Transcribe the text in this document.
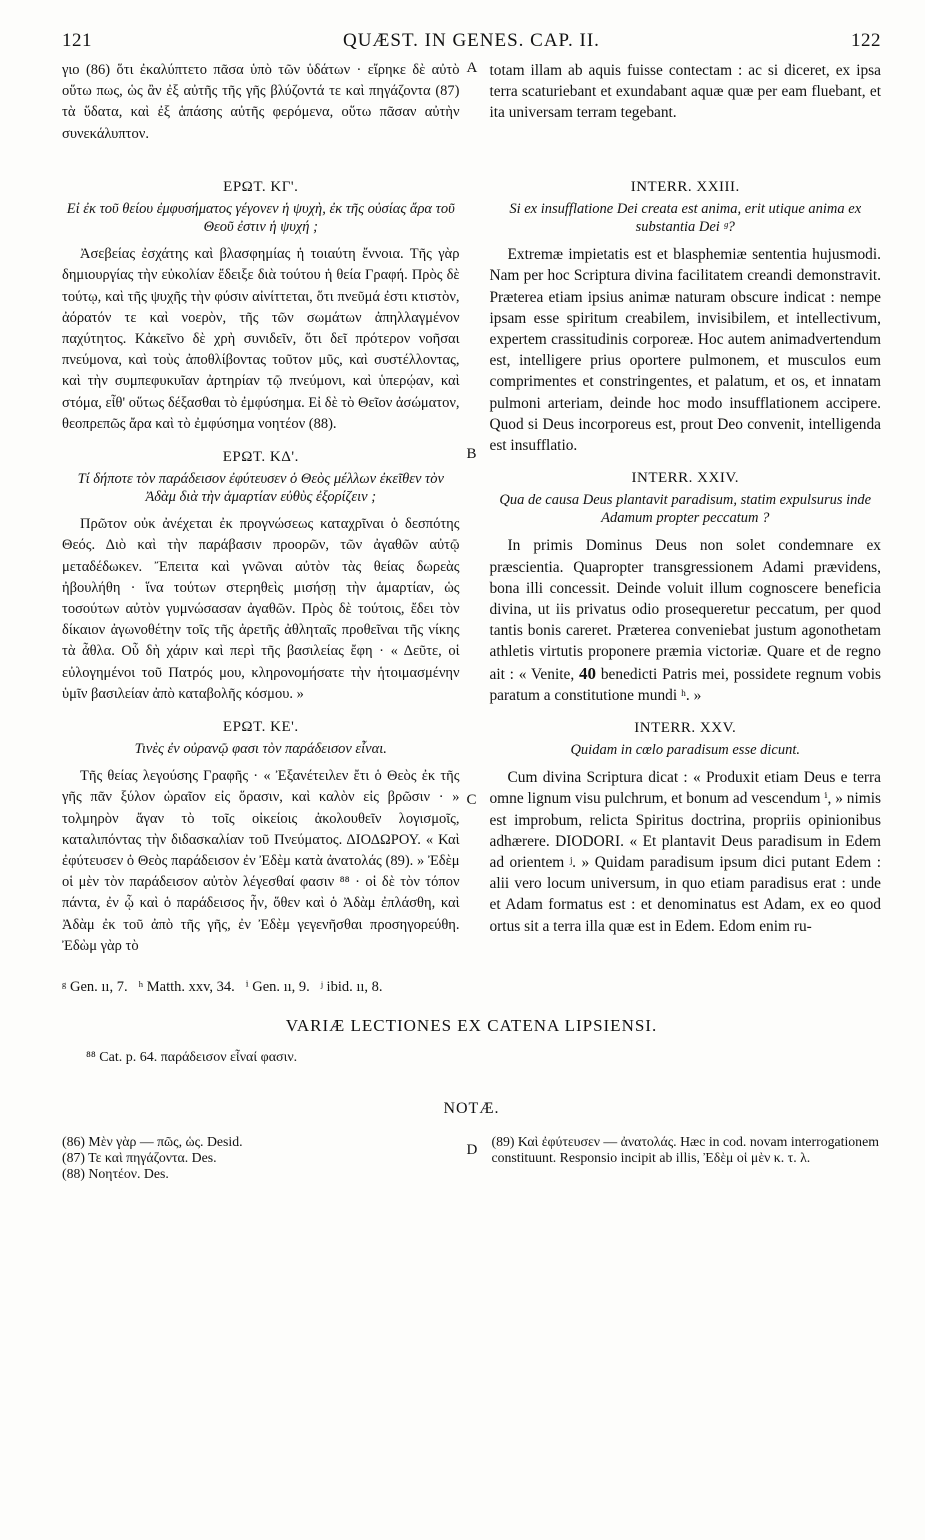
121	QUÆST. IN GENES. CAP. II.	122

γιο (86) ὅτι ἐκαλύπτετο πᾶσα ὑπὸ τῶν ὑδάτων · εἴρηκε δὲ αὐτὸ οὕτω πως, ὡς ἂν ἐξ αὐτῆς τῆς γῆς βλύζοντά τε καὶ πηγάζοντα (87) τὰ ὕδατα, καὶ ἐξ ἁπάσης αὐτῆς φερόμενα, οὕτω πᾶσαν αὐτὴν συνεκάλυπτον.

ΕΡΩΤ. ΚΓ'.
Εἰ ἐκ τοῦ θείου ἐμφυσήματος γέγονεν ἡ ψυχὴ, ἐκ τῆς οὐσίας ἄρα τοῦ Θεοῦ ἐστιν ἡ ψυχή ;

Ἀσεβείας ἐσχάτης καὶ βλασφημίας ἡ τοιαύτη ἔννοια. Τῆς γὰρ δημιουργίας τὴν εὐκολίαν ἔδειξε διὰ τούτου ἡ θεία Γραφή. Πρὸς δὲ τούτῳ, καὶ τῆς ψυχῆς τὴν φύσιν αἰνίττεται, ὅτι πνεῦμά ἐστι κτιστὸν, ἀόρατόν τε καὶ νοερὸν, τῆς τῶν σωμάτων ἀπηλλαγμένον παχύτητος. Κἀκεῖνο δὲ χρὴ συνιδεῖν, ὅτι δεῖ πρότερον νοῆσαι πνεύμονα, καὶ τοὺς ἀποθλίβοντας τοῦτον μῦς, καὶ συστέλλοντας, καὶ τὴν συμπεφυκυῖαν ἀρτηρίαν τῷ πνεύμονι, καὶ ὑπερῴαν, καὶ στόμα, εἶθ' οὕτως δέξασθαι τὸ ἐμφύσημα. Εἰ δὲ τὸ Θεῖον ἀσώματον, θεοπρεπῶς ἄρα καὶ τὸ ἐμφύσημα νοητέον (88).

ΕΡΩΤ. ΚΔ'.
Τί δήποτε τὸν παράδεισον ἐφύτευσεν ὁ Θεὸς μέλλων ἐκεῖθεν τὸν Ἀδὰμ διὰ τὴν ἁμαρτίαν εὐθὺς ἐξορίζειν ;

Πρῶτον οὐκ ἀνέχεται ἐκ προγνώσεως καταχρῖναι ὁ δεσπότης Θεός. Διὸ καὶ τὴν παράβασιν προορῶν, τῶν ἀγαθῶν αὐτῷ μεταδέδωκεν. Ἔπειτα καὶ γνῶναι αὐτὸν τὰς θείας δωρεὰς ἠβουλήθη · ἵνα τούτων στερηθεὶς μισήσῃ τὴν ἁμαρτίαν, ὡς τοσούτων αὐτὸν γυμνώσασαν ἀγαθῶν. Πρὸς δὲ τούτοις, ἔδει τὸν δίκαιον ἀγωνοθέτην τοῖς τῆς ἀρετῆς ἀθληταῖς προθεῖναι τῆς νίκης τὰ ἆθλα. Οὗ δὴ χάριν καὶ περὶ τῆς βασιλείας ἔφη · « Δεῦτε, οἱ εὐλογημένοι τοῦ Πατρός μου, κληρονομήσατε τὴν ἡτοιμασμένην ὑμῖν βασιλείαν ἀπὸ καταβολῆς κόσμου. »

ΕΡΩΤ. ΚΕ'.
Τινὲς ἐν οὐρανῷ φασι τὸν παράδεισον εἶναι.

Τῆς θείας λεγούσης Γραφῆς · « Ἐξανέτειλεν ἔτι ὁ Θεὸς ἐκ τῆς γῆς πᾶν ξύλον ὡραῖον εἰς ὅρασιν, καὶ καλὸν εἰς βρῶσιν · » τολμηρὸν ἄγαν τὸ τοῖς οἰκείοις ἀκολουθεῖν λογισμοῖς, καταλιπόντας τὴν διδασκαλίαν τοῦ Πνεύματος. ΔΙΟΔΩΡΟΥ. « Καὶ ἐφύτευσεν ὁ Θεὸς παράδεισον ἐν Ἐδὲμ κατὰ ἀνατολάς (89). » Ἐδὲμ οἱ μὲν τὸν παράδεισον αὐτὸν λέγεσθαί φασιν ⁸⁸ · οἱ δὲ τὸν τόπον πάντα, ἐν ᾧ καὶ ὁ παράδεισος ἦν, ὅθεν καὶ ὁ Ἀδὰμ ἐπλάσθη, καὶ Ἀδὰμ ἐκ τοῦ ἀπὸ τῆς γῆς, ἐν Ἐδὲμ γεγενῆσθαι προσηγορεύθη. Ἐδὼμ γὰρ τὸ

A
B
C
D

totam illam ab aquis fuisse contectam : ac si diceret, ex ipsa terra scaturiebant et exundabant aquæ quæ per eam fluebant, et ita universam terram tegebant.

INTERR. XXIII.
Si ex insufflatione Dei creata est anima, erit utique anima ex substantia Dei ᵍ?

Extremæ impietatis est et blasphemiæ sententia hujusmodi. Nam per hoc Scriptura divina facilitatem creandi demonstravit. Præterea etiam ipsius animæ naturam obscure indicat : nempe ipsam esse spiritum creabilem, invisibilem, et intellectivum, expertem crassitudinis corporeæ. Hoc autem animadvertendum est, intelligere prius oportere pulmonem, et musculos eum comprimentes et constringentes, et palatum, et os, et innatam pulmoni arteriam, deinde hoc modo insufflationem accipere. Quod si Deus incorporeus est, prout Deo convenit, intelligenda est insufflatio.

INTERR. XXIV.
Qua de causa Deus plantavit paradisum, statim expulsurus inde Adamum propter peccatum ?

In primis Dominus Deus non solet condemnare ex præscientia. Quapropter transgressionem Adami prævidens, bona illi concessit. Deinde voluit illum cognoscere beneficia divina, ut iis privatus odio prosequeretur peccatum, per quod tantis bonis careret. Præterea conveniebat justum agonothetam athletis virtutis proponere præmia victoriæ. Quare et de regno ait : « Venite, 40 benedicti Patris mei, possidete regnum vobis paratum a constitutione mundi ʰ. »

INTERR. XXV.
Quidam in cœlo paradisum esse dicunt.

Cum divina Scriptura dicat : « Produxit etiam Deus e terra omne lignum visu pulchrum, et bonum ad vescendum ⁱ, » nimis est improbum, relicta Spiritus doctrina, propriis opinionibus adhærere. DIODORI. « Et plantavit Deus paradisum in Edem ad orientem ʲ. » Quidam paradisum ipsum dici putant Edem : alii vero locum universum, in quo etiam paradisus erat : unde et Adam formatus est : et denominatus est Adam, ex eo quod ortus sit a terra illa quæ est in Edem. Edom enim ru-

ᵍ Gen. ıı, 7.   ʰ Matth. xxv, 34.   ⁱ Gen. ıı, 9.   ʲ ibid. ıı, 8.
VARIÆ LECTIONES EX CATENA LIPSIENSI.
⁸⁸ Cat. p. 64. παράδεισον εἶναί φασιν.
NOTÆ.
(86) Μὲν γὰρ — πῶς, ὡς. Desid.
(87) Τε καὶ πηγάζοντα. Des.
(88) Νοητέον. Des.
(89) Καὶ ἐφύτευσεν — ἀνατολάς. Hæc in cod. novam interrogationem constituunt. Responsio incipit ab illis, Ἐδὲμ οἱ μὲν κ. τ. λ.
